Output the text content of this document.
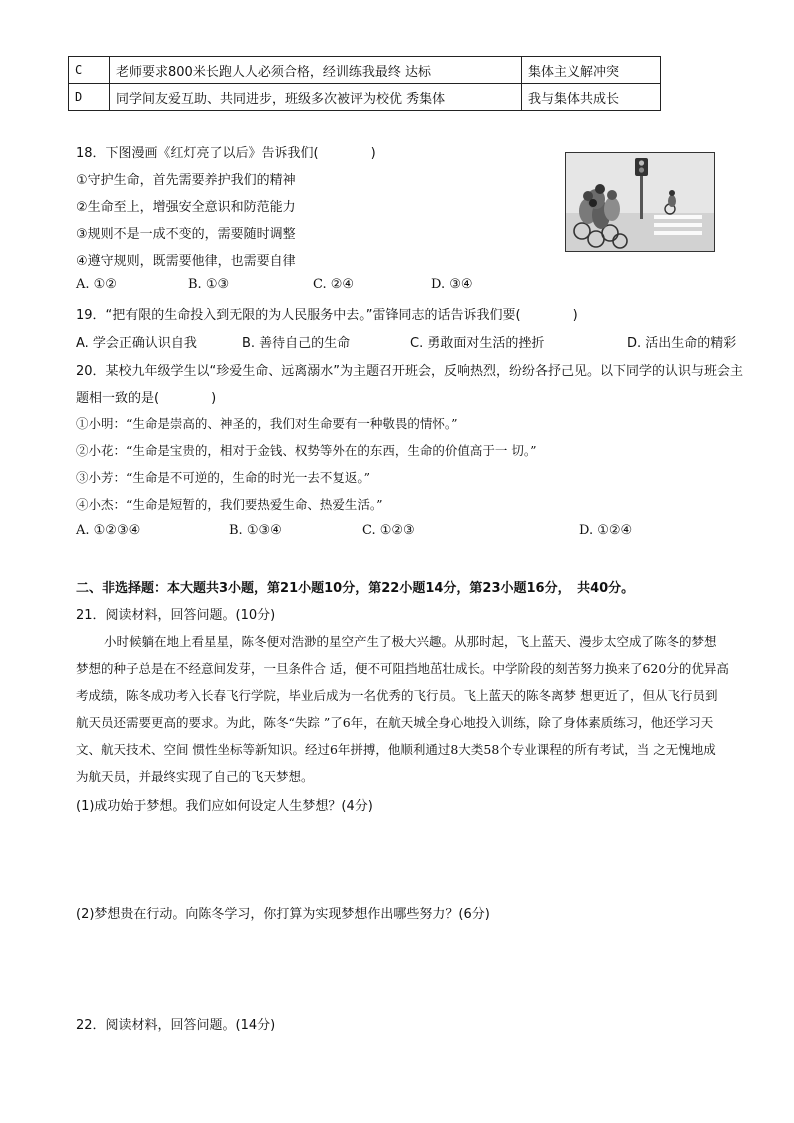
C	老师要求800米长跑人人必须合格，经训练我最终 达标	集体主义解冲突
D	同学间友爱互助、共同进步，班级多次被评为校优 秀集体	我与集体共成长
18．下图漫画《红灯亮了以后》告诉我们(　　　　)
①守护生命，首先需要养护我们的精神
②生命至上，增强安全意识和防范能力
③规则不是一成不变的，需要随时调整
④遵守规则，既需要他律，也需要自律
A. ①②	B. ①③	C. ②④	D. ③④
19．“把有限的生命投入到无限的为人民服务中去。”雷锋同志的话告诉我们要(　　　　)
A. 学会正确认识自我	B. 善待自己的生命	C. 勇敢面对生活的挫折	D. 活出生命的精彩
20．某校九年级学生以“珍爱生命、远离溺水”为主题召开班会，反响热烈，纷纷各抒己见。以下同学的认识与班会主
题相一致的是(　　　　)
①小明：“生命是崇高的、神圣的，我们对生命要有一种敬畏的情怀。”
②小花：“生命是宝贵的，相对于金钱、权势等外在的东西，生命的价值高于一 切。”
③小芳：“生命是不可逆的，生命的时光一去不复返。”
④小杰：“生命是短暂的，我们要热爱生命、热爱生活。”
A. ①②③④	B. ①③④	C. ①②③	D. ①②④
二、非选择题：本大题共3小题，第21小题10分，第22小题14分，第23小题16分，　共40分。
21．阅读材料，回答问题。(10分)
小时候躺在地上看星星，陈冬便对浩渺的星空产生了极大兴趣。从那时起，飞上蓝天、漫步太空成了陈冬的梦想
梦想的种子总是在不经意间发芽，一旦条件合 适，便不可阻挡地茁壮成长。中学阶段的刻苦努力换来了620分的优异高
考成绩，陈冬成功考入长春飞行学院，毕业后成为一名优秀的飞行员。飞上蓝天的陈冬离梦 想更近了，但从飞行员到
航天员还需要更高的要求。为此，陈冬“失踪 ”了6年，在航天城全身心地投入训练，除了身体素质练习，他还学习天
文、航天技术、空间 惯性坐标等新知识。经过6年拼搏，他顺利通过8大类58个专业课程的所有考试，当 之无愧地成
为航天员，并最终实现了自己的飞天梦想。
(1)成功始于梦想。我们应如何设定人生梦想？(4分)
(2)梦想贵在行动。向陈冬学习，你打算为实现梦想作出哪些努力？(6分)
22．阅读材料，回答问题。(14分)
